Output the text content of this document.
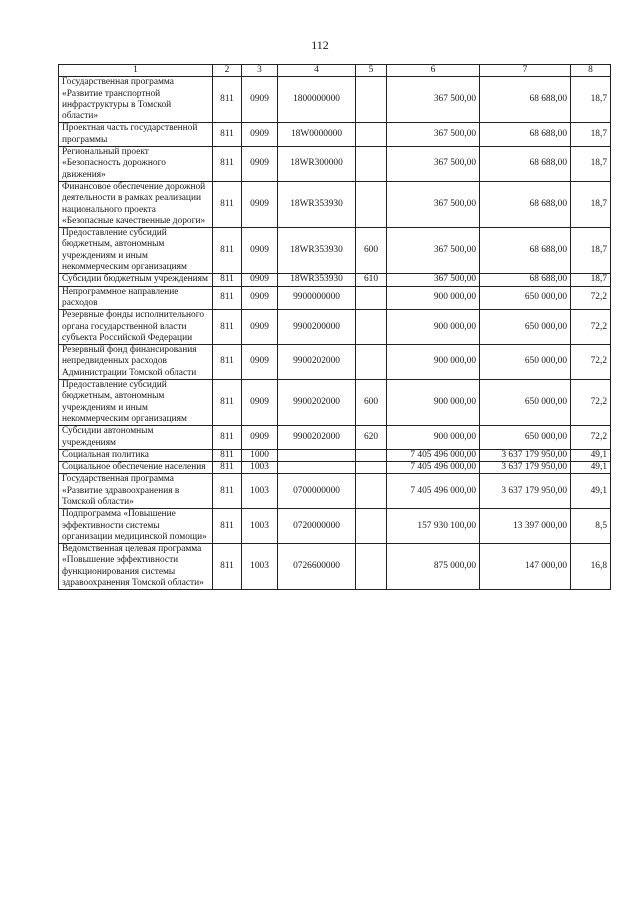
112
1	2	3	4	5	6	7	8
Государственная программа «Развитие транспортной инфраструктуры в Томской области»	811	0909	1800000000		367 500,00	68 688,00	18,7
Проектная часть государственной программы	811	0909	18W0000000		367 500,00	68 688,00	18,7
Региональный проект «Безопасность дорожного движения»	811	0909	18WR300000		367 500,00	68 688,00	18,7
Финансовое обеспечение дорожной деятельности в рамках реализации национального проекта «Безопасные качественные дороги»	811	0909	18WR353930		367 500,00	68 688,00	18,7
Предоставление субсидий бюджетным, автономным учреждениям и иным некоммерческим организациям	811	0909	18WR353930	600	367 500,00	68 688,00	18,7
Субсидии бюджетным учреждениям	811	0909	18WR353930	610	367 500,00	68 688,00	18,7
Непрограммное направление расходов	811	0909	9900000000		900 000,00	650 000,00	72,2
Резервные фонды исполнительного органа государственной власти субъекта Российской Федерации	811	0909	9900200000		900 000,00	650 000,00	72,2
Резервный фонд финансирования непредвиденных расходов Администрации Томской области	811	0909	9900202000		900 000,00	650 000,00	72,2
Предоставление субсидий бюджетным, автономным учреждениям и иным некоммерческим организациям	811	0909	9900202000	600	900 000,00	650 000,00	72,2
Субсидии автономным учреждениям	811	0909	9900202000	620	900 000,00	650 000,00	72,2
Социальная политика	811	1000			7 405 496 000,00	3 637 179 950,00	49,1
Социальное обеспечение населения	811	1003			7 405 496 000,00	3 637 179 950,00	49,1
Государственная программа «Развитие здравоохранения в Томской области»	811	1003	0700000000		7 405 496 000,00	3 637 179 950,00	49,1
Подпрограмма «Повышение эффективности системы организации медицинской помощи»	811	1003	0720000000		157 930 100,00	13 397 000,00	8,5
Ведомственная целевая программа «Повышение эффективности функционирования системы здравоохранения Томской области»	811	1003	0726600000		875 000,00	147 000,00	16,8
